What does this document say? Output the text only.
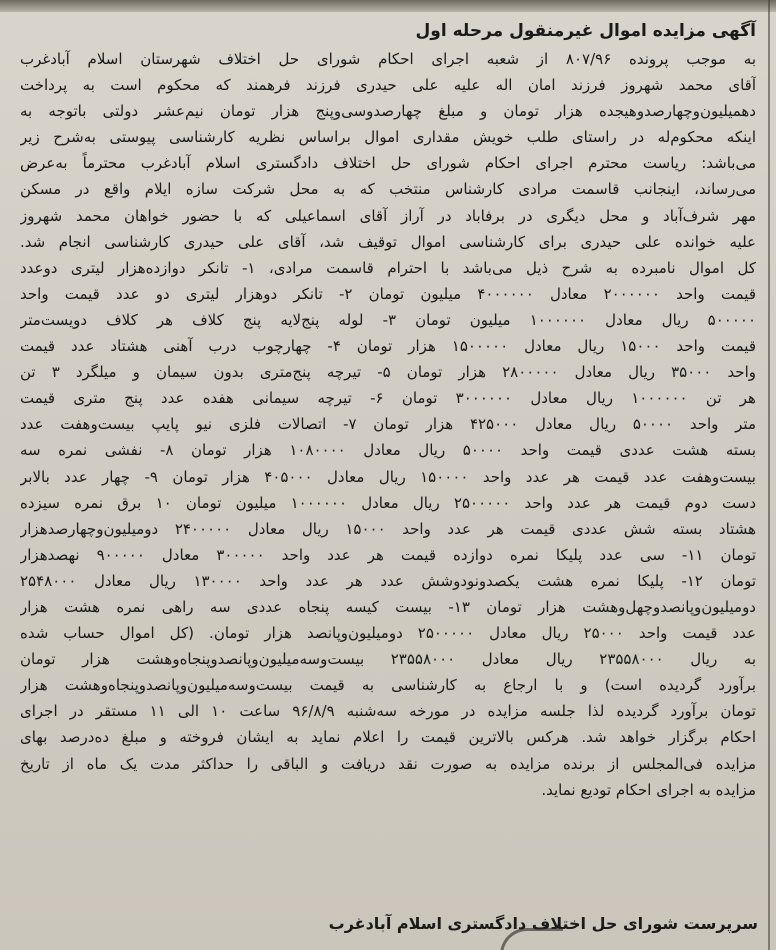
آگهی مزایده اموال غیرمنقول مرحله اول
به موجب پرونده ۸۰۷/۹۶ از شعبه اجرای احکام شورای حل اختلاف شهرستان اسلام آبادغرب
آقای محمد شهروز فرزند امان اله علیه علی حیدری فرزند فرهمند که محکوم است به پرداخت
دهمیلیون‌وچهارصدوهیجده هزار تومان و مبلغ چهارصدوسی‌وپنج هزار تومان نیم‌عشر دولتی باتوجه به
اینکه محکوم‌له در راستای طلب خویش مقداری اموال براساس نظریه کارشناسی پیوستی به‌شرح زیر
می‌باشد: ریاست محترم اجرای احکام شورای حل اختلاف دادگستری اسلام آبادغرب محترماً به‌عرض
می‌رساند، اینجانب قاسمت مرادی کارشناس منتخب که به محل شرکت سازه ایلام واقع در مسکن
مهر شرف‌آباد و محل دیگری در برفاباد در آراز آقای اسماعیلی که با حضور خواهان محمد شهروز
علیه خوانده علی حیدری برای کارشناسی اموال توقیف شد، آقای علی حیدری کارشناسی انجام شد.
کل اموال نامبرده به شرح ذیل می‌باشد با احترام قاسمت مرادی، ۱- تانکر دوازده‌هزار لیتری دوعدد
قیمت واحد ۲۰۰۰۰۰۰ معادل ۴۰۰۰۰۰۰ میلیون تومان ۲- تانکر دوهزار لیتری دو عدد قیمت واحد
۵۰۰۰۰۰ ریال معادل ۱۰۰۰۰۰۰ میلیون تومان ۳- لوله پنج‌لایه پنج کلاف هر کلاف دویست‌متر
قیمت واحد ۱۵۰۰۰ ریال معادل ۱۵۰۰۰۰۰ هزار تومان ۴- چهارچوب درب آهنی هشتاد عدد قیمت
واحد ۳۵۰۰۰ ریال معادل ۲۸۰۰۰۰۰ هزار تومان ۵- تیرچه پنج‌متری بدون سیمان و میلگرد ۳ تن
هر تن ۱۰۰۰۰۰۰ ریال معادل ۳۰۰۰۰۰۰ تومان ۶- تیرچه سیمانی هفده عدد پنج متری قیمت
متر واحد ۵۰۰۰۰ ریال معادل ۴۲۵۰۰۰ هزار تومان ۷- اتصالات فلزی نیو پایپ بیست‌وهفت عدد
بسته هشت عددی قیمت واحد ۵۰۰۰۰ ریال معادل ۱۰۸۰۰۰۰ هزار تومان ۸- نفشی نمره سه
بیست‌وهفت عدد قیمت هر عدد واحد ۱۵۰۰۰۰ ریال معادل ۴۰۵۰۰۰ هزار تومان ۹- چهار عدد بالابر
دست دوم قیمت هر عدد واحد ۲۵۰۰۰۰۰ ریال معادل ۱۰۰۰۰۰۰ میلیون تومان ۱۰ برق نمره سیزده
هشتاد بسته شش عددی قیمت هر عدد واحد ۱۵۰۰۰ ریال معادل ۲۴۰۰۰۰۰ دومیلیون‌وچهارصدهزار
تومان ۱۱- سی عدد پلیکا نمره دوازده قیمت هر عدد واحد ۳۰۰۰۰۰ معادل ۹۰۰۰۰۰ نهصدهزار
تومان ۱۲- پلیکا نمره هشت یکصدونودوشش عدد هر عدد واحد ۱۳۰۰۰۰ ریال معادل ۲۵۴۸۰۰۰
دومیلیون‌وپانصدوچهل‌وهشت هزار تومان ۱۳- بیست کیسه پنجاه عددی سه راهی نمره هشت هزار
عدد قیمت واحد ۲۵۰۰۰ ریال معادل ۲۵۰۰۰۰۰ دومیلیون‌وپانصد هزار تومان. (کل اموال حساب شده
به ریال ۲۳۵۵۸۰۰۰ ریال معادل ۲۳۵۵۸۰۰۰ بیست‌وسه‌میلیون‌وپانصدوپنجاه‌وهشت هزار تومان
برآورد گردیده است) و با ارجاع به کارشناسی به قیمت بیست‌وسه‌میلیون‌وپانصدوپنجاه‌وهشت هزار
تومان برآورد گردیده لذا جلسه مزایده در مورخه سه‌شنبه ۹۶/۸/۹ ساعت ۱۰ الی ۱۱ مستقر در اجرای
احکام برگزار خواهد شد. هرکس بالاترین قیمت را اعلام نماید به ایشان فروخته و مبلغ ده‌درصد بهای
مزایده فی‌المجلس از برنده مزایده به صورت نقد دریافت و الباقی را حداکثر مدت یک ماه از تاریخ
مزایده به اجرای احکام تودیع نماید.
سرپرست شورای حل اختلاف دادگستری اسلام آبادغرب
